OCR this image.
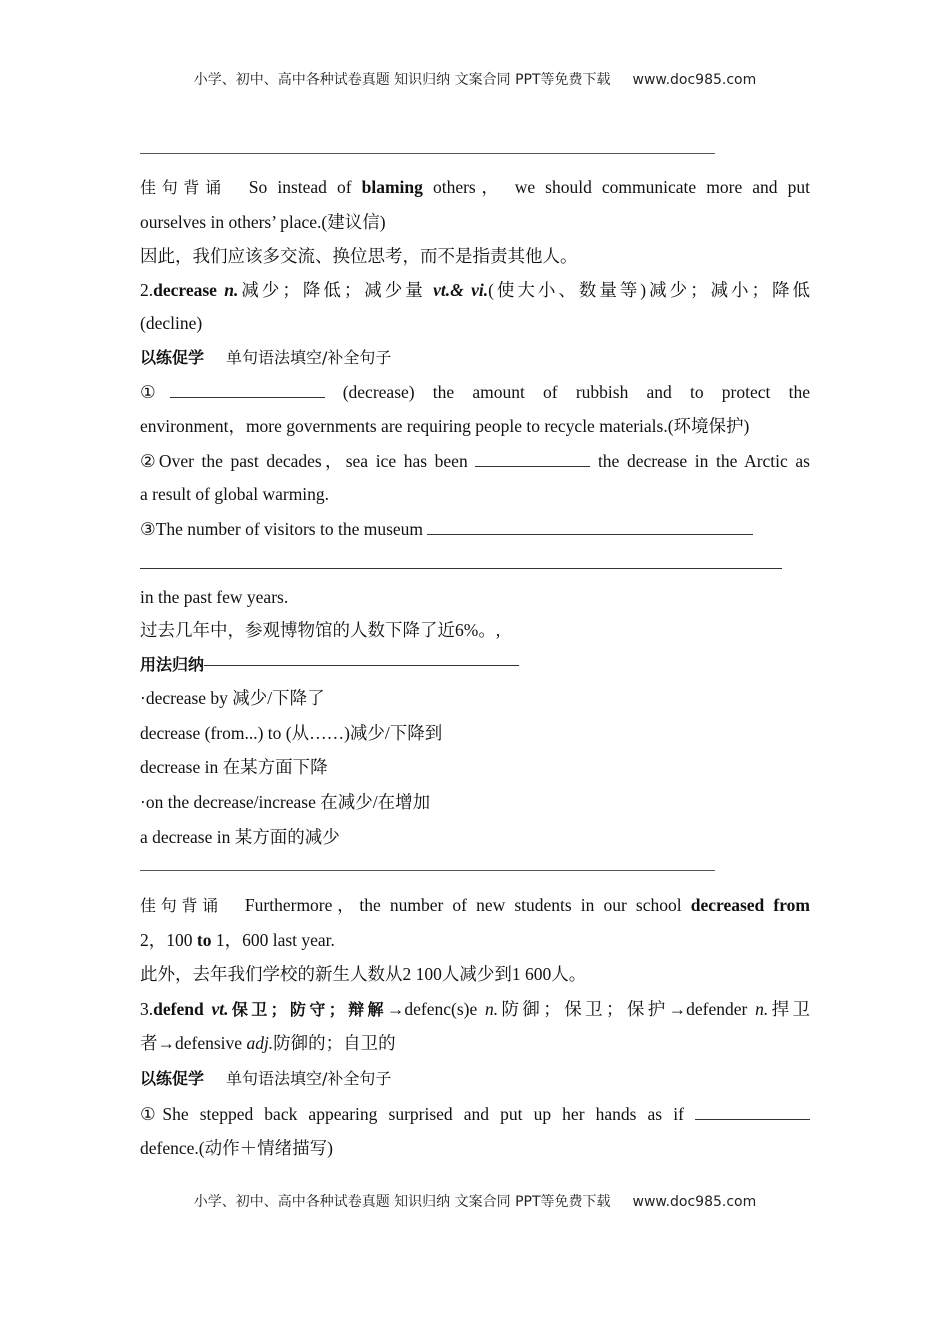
小学、初中、高中各种试卷真题 知识归纳 文案合同 PPT等免费下载 www.doc985.com
佳句背诵 So instead of blaming others， we should communicate more and put
ourselves in others’ place.(建议信)
因此，我们应该多交流、换位思考，而不是指责其他人。
2.decrease n.减少；降低；减少量 vt.& vi.(使大小、数量等)减少；减小；降低
(decline)
以练促学 单句语法填空/补全句子
①	(decrease) the amount of rubbish and to protect the
environment，more governments are requiring people to recycle materials.(环境保护)
②Over the past decades，sea ice has been	the decrease in the Arctic as
a result of global warming.
③The number of visitors to the museum
in the past few years.
过去几年中，参观博物馆的人数下降了近6%。,
用法归纳——————————————————
·decrease by 减少/下降了
decrease (from...) to (从……)减少/下降到
decrease in 在某方面下降
·on the decrease/increase 在减少/在增加
a decrease in 某方面的减少
佳句背诵 Furthermore，the number of new students in our school decreased from
2，100 to 1，600 last year.
此外，去年我们学校的新生人数从2 100人减少到1 600人。
3.defend vt.保卫；防守；辩解→defenc(s)e n.防御；保卫；保护→defender n.捍卫
者→defensive adj.防御的；自卫的
以练促学 单句语法填空/补全句子
①She stepped back appearing surprised and put up her hands as if
defence.(动作＋情绪描写)
小学、初中、高中各种试卷真题 知识归纳 文案合同 PPT等免费下载 www.doc985.com
